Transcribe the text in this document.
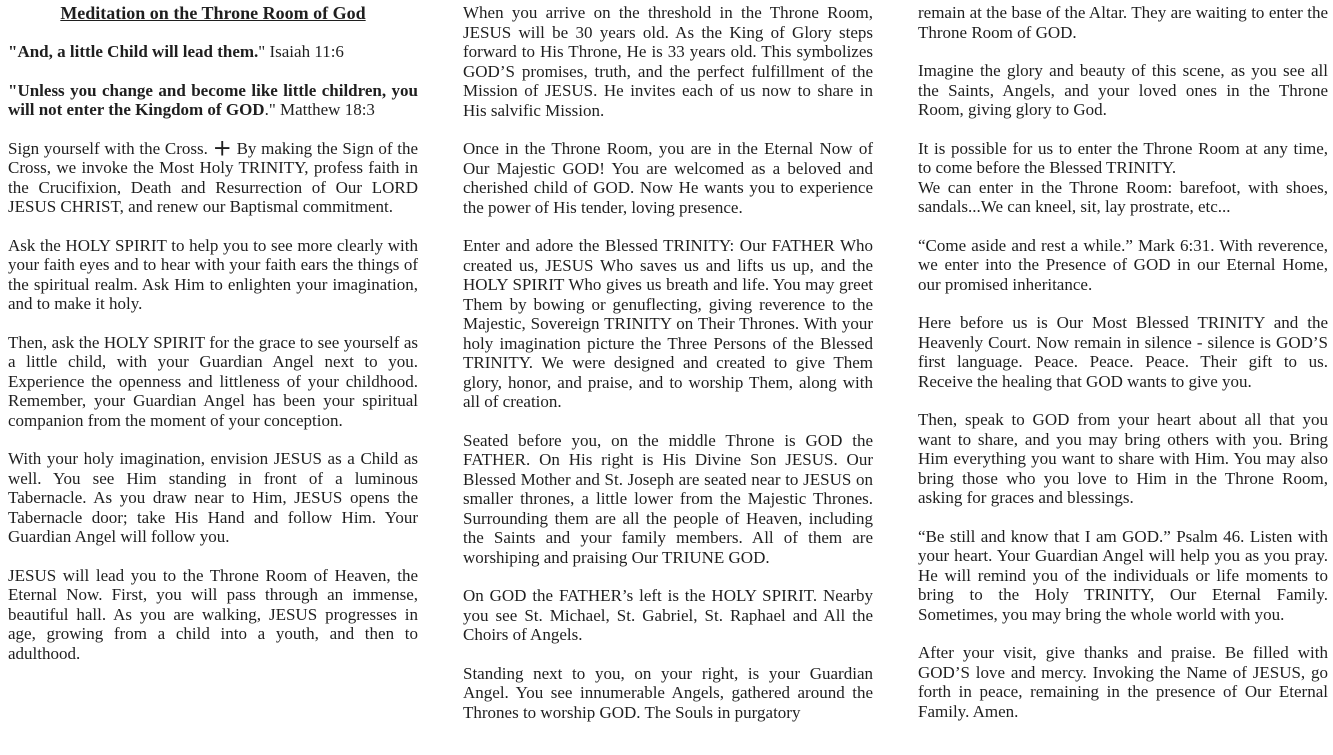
Meditation on the Throne Room of God

"And, a little Child will lead them." Isaiah 11:6

"Unless you change and become like little children, you will not enter the Kingdom of GOD." Matthew 18:3

Sign yourself with the Cross. + By making the Sign of the Cross, we invoke the Most Holy TRINITY, profess faith in the Crucifixion, Death and Resurrection of Our LORD JESUS CHRIST, and renew our Baptismal commitment.

Ask the HOLY SPIRIT to help you to see more clearly with your faith eyes and to hear with your faith ears the things of the spiritual realm. Ask Him to enlighten your imagination, and to make it holy.

Then, ask the HOLY SPIRIT for the grace to see yourself as a little child, with your Guardian Angel next to you. Experience the openness and littleness of your childhood. Remember, your Guardian Angel has been your spiritual companion from the moment of your conception.

With your holy imagination, envision JESUS as a Child as well. You see Him standing in front of a luminous Tabernacle. As you draw near to Him, JESUS opens the Tabernacle door; take His Hand and follow Him. Your Guardian Angel will follow you.

JESUS will lead you to the Throne Room of Heaven, the Eternal Now. First, you will pass through an immense, beautiful hall. As you are walking, JESUS progresses in age, growing from a child into a youth, and then to adulthood.

When you arrive on the threshold in the Throne Room, JESUS will be 30 years old. As the King of Glory steps forward to His Throne, He is 33 years old. This symbolizes GOD’S promises, truth, and the perfect fulfillment of the Mission of JESUS. He invites each of us now to share in His salvific Mission.

Once in the Throne Room, you are in the Eternal Now of Our Majestic GOD! You are welcomed as a beloved and cherished child of GOD. Now He wants you to experience the power of His tender, loving presence.

Enter and adore the Blessed TRINITY: Our FATHER Who created us, JESUS Who saves us and lifts us up, and the HOLY SPIRIT Who gives us breath and life. You may greet Them by bowing or genuflecting, giving reverence to the Majestic, Sovereign TRINITY on Their Thrones. With your holy imagination picture the Three Persons of the Blessed TRINITY. We were designed and created to give Them glory, honor, and praise, and to worship Them, along with all of creation.

Seated before you, on the middle Throne is GOD the FATHER. On His right is His Divine Son JESUS. Our Blessed Mother and St. Joseph are seated near to JESUS on smaller thrones, a little lower from the Majestic Thrones. Surrounding them are all the people of Heaven, including the Saints and your family members. All of them are worshiping and praising Our TRIUNE GOD.

On GOD the FATHER’s left is the HOLY SPIRIT. Nearby you see St. Michael, St. Gabriel, St. Raphael and All the Choirs of Angels.

Standing next to you, on your right, is your Guardian Angel. You see innumerable Angels, gathered around the Thrones to worship GOD. The Souls in purgatory

remain at the base of the Altar. They are waiting to enter the Throne Room of GOD.

Imagine the glory and beauty of this scene, as you see all the Saints, Angels, and your loved ones in the Throne Room, giving glory to God.

It is possible for us to enter the Throne Room at any time, to come before the Blessed TRINITY.
We can enter in the Throne Room: barefoot, with shoes, sandals...We can kneel, sit, lay prostrate, etc...

“Come aside and rest a while.” Mark 6:31. With reverence, we enter into the Presence of GOD in our Eternal Home, our promised inheritance.

Here before us is Our Most Blessed TRINITY and the Heavenly Court. Now remain in silence - silence is GOD’S first language. Peace. Peace. Peace. Their gift to us. Receive the healing that GOD wants to give you.

Then, speak to GOD from your heart about all that you want to share, and you may bring others with you. Bring Him everything you want to share with Him. You may also bring those who you love to Him in the Throne Room, asking for graces and blessings.

“Be still and know that I am GOD.” Psalm 46. Listen with your heart. Your Guardian Angel will help you as you pray. He will remind you of the individuals or life moments to bring to the Holy TRINITY, Our Eternal Family. Sometimes, you may bring the whole world with you.

After your visit, give thanks and praise. Be filled with GOD’S love and mercy. Invoking the Name of JESUS, go forth in peace, remaining in the presence of Our Eternal Family. Amen.
